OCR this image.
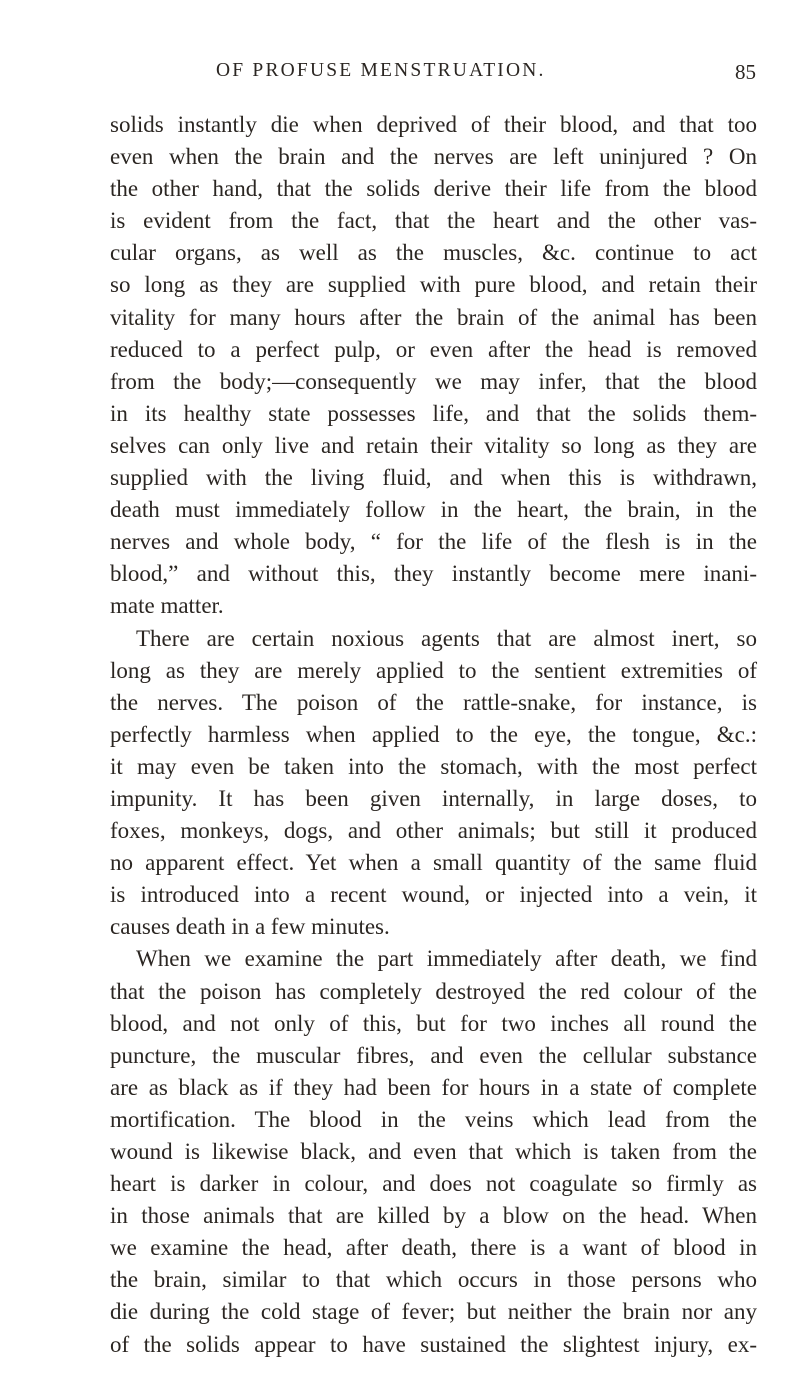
OF PROFUSE MENSTRUATION.	85
solids instantly die when deprived of their blood, and that too
even when the brain and the nerves are left uninjured ? On
the other hand, that the solids derive their life from the blood
is evident from the fact, that the heart and the other vas-
cular organs, as well as the muscles, &c. continue to act
so long as they are supplied with pure blood, and retain their
vitality for many hours after the brain of the animal has been
reduced to a perfect pulp, or even after the head is removed
from the body;—consequently we may infer, that the blood
in its healthy state possesses life, and that the solids them-
selves can only live and retain their vitality so long as they are
supplied with the living fluid, and when this is withdrawn,
death must immediately follow in the heart, the brain, in the
nerves and whole body, “ for the life of the flesh is in the
blood,” and without this, they instantly become mere inani-
mate matter.
There are certain noxious agents that are almost inert, so
long as they are merely applied to the sentient extremities of
the nerves. The poison of the rattle-snake, for instance, is
perfectly harmless when applied to the eye, the tongue, &c.:
it may even be taken into the stomach, with the most perfect
impunity. It has been given internally, in large doses, to
foxes, monkeys, dogs, and other animals; but still it produced
no apparent effect. Yet when a small quantity of the same fluid
is introduced into a recent wound, or injected into a vein, it
causes death in a few minutes.
When we examine the part immediately after death, we find
that the poison has completely destroyed the red colour of the
blood, and not only of this, but for two inches all round the
puncture, the muscular fibres, and even the cellular substance
are as black as if they had been for hours in a state of complete
mortification. The blood in the veins which lead from the
wound is likewise black, and even that which is taken from the
heart is darker in colour, and does not coagulate so firmly as
in those animals that are killed by a blow on the head. When
we examine the head, after death, there is a want of blood in
the brain, similar to that which occurs in those persons who
die during the cold stage of fever; but neither the brain nor any
of the solids appear to have sustained the slightest injury, ex-
